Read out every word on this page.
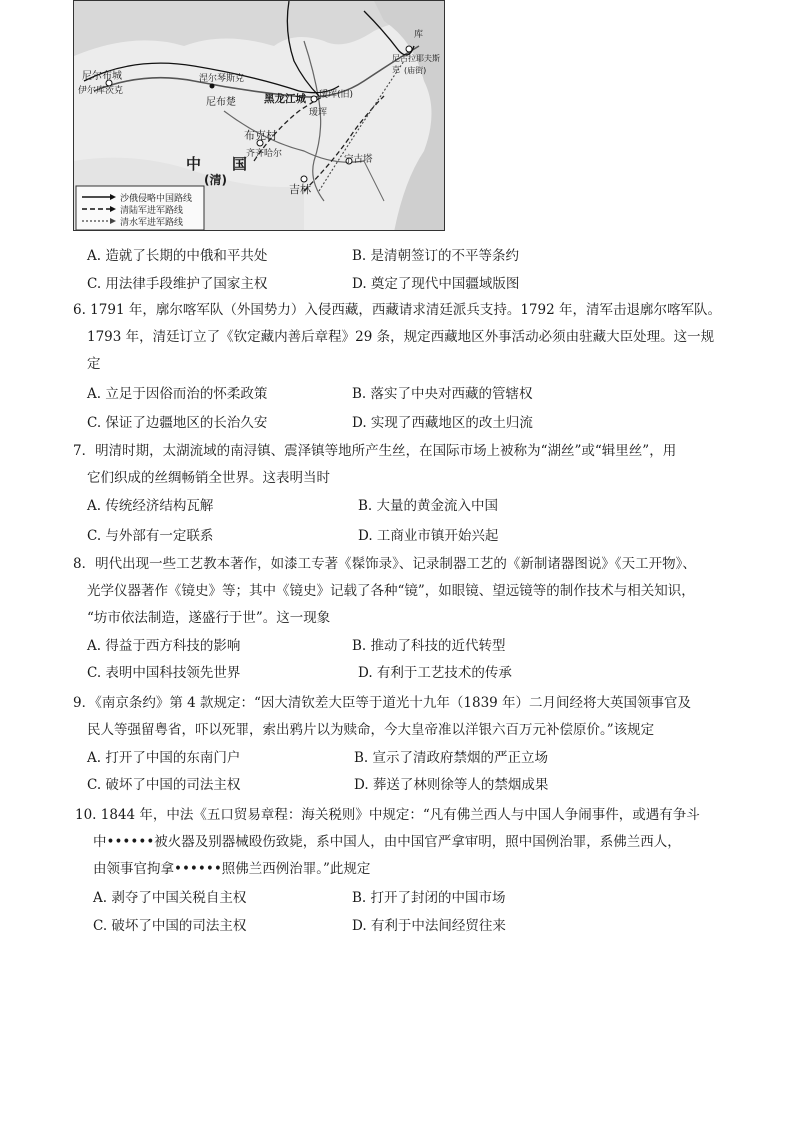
尼尔布城
伊尔库茨克
涅尔琴斯克
尼布楚	黑龙江城 瑷珲(旧)
瑷珲
布克村
齐齐哈尔	宁古塔
吉林
中 国
(清)
尼古拉耶夫斯克 (庙街)
库
沙俄侵略中国路线
清陆军进军路线
清水军进军路线
A. 造就了长期的中俄和平共处	B. 是清朝签订的不平等条约
C. 用法律手段维护了国家主权	D. 奠定了现代中国疆域版图
6. 1791 年，廓尔喀军队（外国势力）入侵西藏，西藏请求清廷派兵支持。1792 年，清军击退廓尔喀军队。
1793 年，清廷订立了《钦定藏内善后章程》29 条，规定西藏地区外事活动必须由驻藏大臣处理。这一规
定
A. 立足于因俗而治的怀柔政策	B. 落实了中央对西藏的管辖权
C. 保证了边疆地区的长治久安	D. 实现了西藏地区的改土归流
7．明清时期，太湖流域的南浔镇、震泽镇等地所产生丝，在国际市场上被称为“湖丝”或“辑里丝”，用
它们织成的丝绸畅销全世界。这表明当时
A. 传统经济结构瓦解	B. 大量的黄金流入中国
C. 与外部有一定联系	D. 工商业市镇开始兴起
8．明代出现一些工艺教本著作，如漆工专著《髹饰录》、记录制器工艺的《新制诸器图说》《天工开物》、
光学仪器著作《镜史》等；其中《镜史》记载了各种“镜”，如眼镜、望远镜等的制作技术与相关知识，
“坊市依法制造，遂盛行于世”。这一现象
A. 得益于西方科技的影响	B. 推动了科技的近代转型
C. 表明中国科技领先世界	D. 有利于工艺技术的传承
9．《南京条约》第 4 款规定：“因大清钦差大臣等于道光十九年（1839 年）二月间经将大英国领事官及
民人等强留粤省，吓以死罪，索出鸦片以为赎命，今大皇帝准以洋银六百万元补偿原价。”该规定
A. 打开了中国的东南门户	B. 宣示了清政府禁烟的严正立场
C. 破坏了中国的司法主权	D. 葬送了林则徐等人的禁烟成果
10. 1844 年，中法《五口贸易章程：海关税则》中规定：“凡有佛兰西人与中国人争闹事件，或遇有争斗
中••••••被火器及别器械殴伤致毙，系中国人，由中国官严拿审明，照中国例治罪，系佛兰西人，
由领事官拘拿••••••照佛兰西例治罪。”此规定
A. 剥夺了中国关税自主权	B. 打开了封闭的中国市场
C. 破坏了中国的司法主权	D. 有利于中法间经贸往来
